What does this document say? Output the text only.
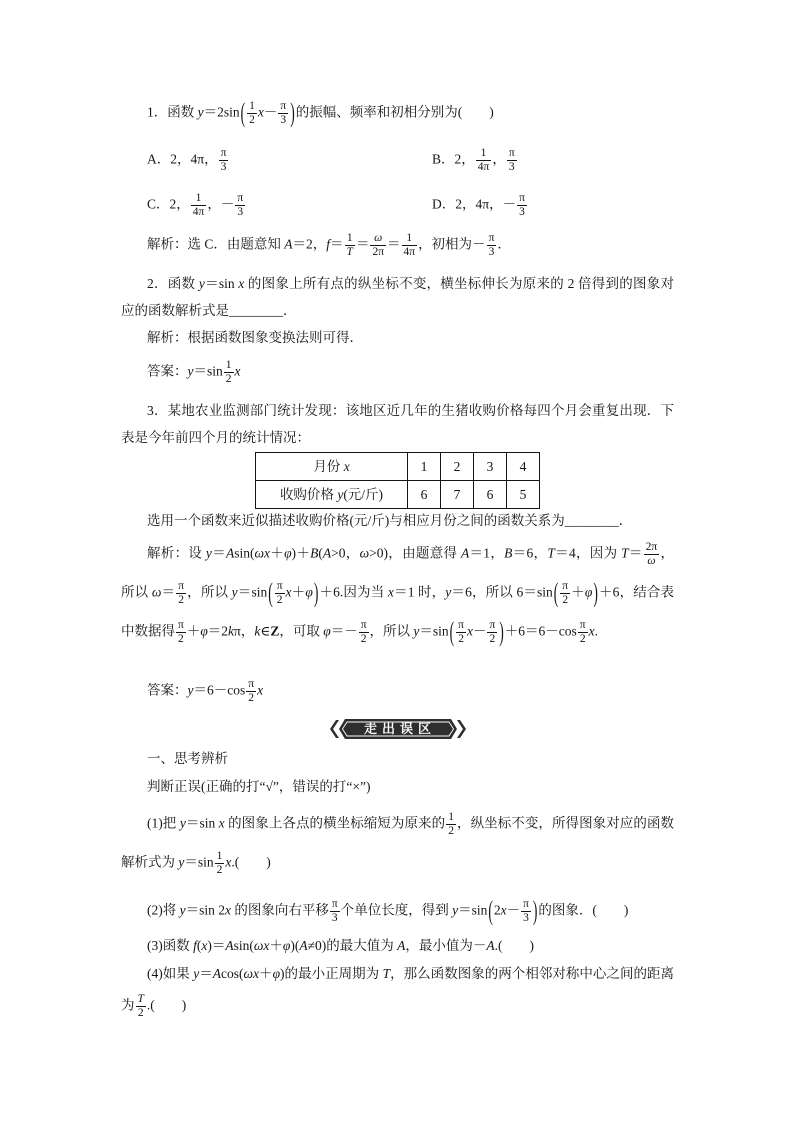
1．函数 $y=2\sin( \frac{1}{2} x- \frac{\pi}{3}$ )的振幅、频率和初相分别为(　　)
A．2，4π， $\frac{\pi}{3}$	B．2， $\frac{1}{4\pi}$ ， $\frac{\pi}{3}$
C．2， $\frac{1}{4\pi}$ ，－ $\frac{\pi}{3}$	D．2，4π，－ $\frac{\pi}{3}$
解析：选 C．由题意知 A＝2，$f= \frac{1}{T} = \frac{\omega}{2\pi} = \frac{1}{4\pi}$ ，初相为－ $\frac{\pi}{3}$ ．
2．函数 y＝sin x 的图象上所有点的纵坐标不变，横坐标伸长为原来的 2 倍得到的图象对应的函数解析式是________．
解析：根据函数图象变换法则可得．
答案：$y=\sin \frac{1}{2}$ x
3．某地农业监测部门统计发现：该地区近几年的生猪收购价格每四个月会重复出现．下表是今年前四个月的统计情况：
月份 x	1	2	3	4
收购价格 y(元/斤)	6	7	6	5
选用一个函数来近似描述收购价格(元/斤)与相应月份之间的函数关系为________．
解析：设 y＝Asin(ωx＋φ)＋B(A>0，ω>0)，由题意得 A＝1，B＝6，T＝4，因为 $T= \frac{2\pi}{\omega}$ ，所以 $\omega= \frac{\pi}{2}$ ，所以 $y=\sin( \frac{\pi}{2} x+\varphi)+6$.因为当 x＝1 时，y＝6，所以 $6=\sin( \frac{\pi}{2} +\varphi)+6$，结合表中数据得 $\frac{\pi}{2} +\varphi=2k\pi$，k∈Z，可取 $\varphi=- \frac{\pi}{2}$ ，所以 $y=\sin( \frac{\pi}{2} x- \frac{\pi}{2} )+6=6-\cos \frac{\pi}{2} x$.
答案：$y=6-\cos \frac{\pi}{2}$ x
走出误区
一、思考辨析
判断正误(正确的打“√”，错误的打“×”)
(1)把 y＝sin x 的图象上各点的横坐标缩短为原来的 $\frac{1}{2}$ ，纵坐标不变，所得图象对应的函数解析式为 $y=\sin \frac{1}{2} x$.(　　)
(2)将 y＝sin 2x 的图象向右平移 $\frac{\pi}{3}$ 个单位长度，得到 $y=\sin(2x- \frac{\pi}{3}$ )的图象．(　　)
(3)函数 f(x)＝Asin(ωx＋φ)(A≠0)的最大值为 A，最小值为－A.(　　)
(4)如果 y＝Acos(ωx＋φ)的最小正周期为 T，那么函数图象的两个相邻对称中心之间的距离为 $\frac{T}{2}$ .(　　)
